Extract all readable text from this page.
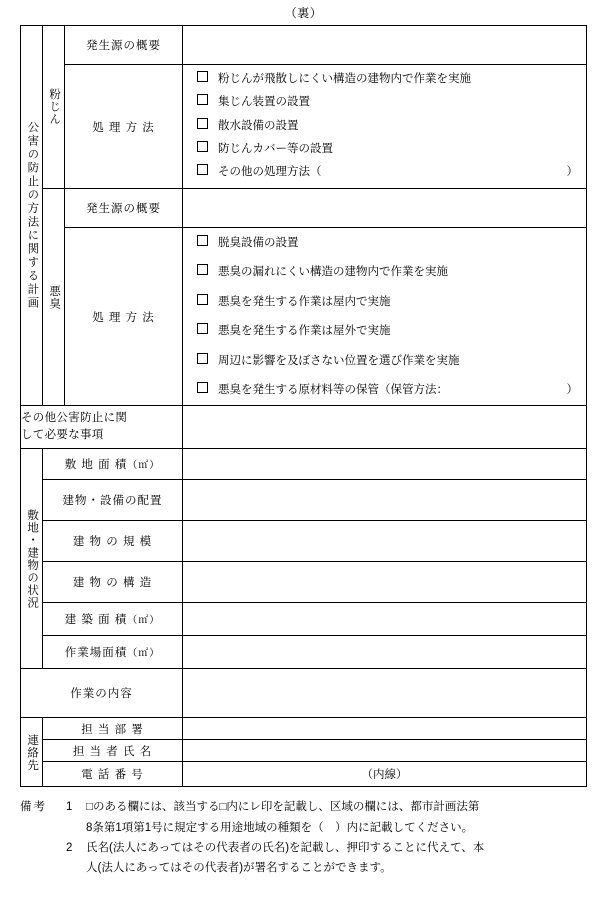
（裏）
公害の防止の方法に関する計画	粉じん	発生源の概要	
処 理 方 法	
粉じんが飛散しにくい構造の建物内で作業を実施
集じん装置の設置
散水設備の設置
防じんカバー等の設置
その他の処理方法（	）

	悪臭	発生源の概要	
処 理 方 法	
脱臭設備の設置
悪臭の漏れにくい構造の建物内で作業を実施
悪臭を発生する作業は屋内で実施
悪臭を発生する作業は屋外で実施
周辺に影響を及ぼさない位置を選び作業を実施
悪臭を発生する原材料等の保管（保管方法：	）
その他公害防止に関
して必要な事項

敷地・建物の状況	敷 地 面 積（㎡）	
	建物・設備の配置	
	建 物 の 規 模	
	建 物 の 構 造	
	建 築 面 積（㎡）	
	作業場面積（㎡）	
作業の内容	
連絡先	担 当 部 署	
	担 当 者 氏 名	
	電 話 番 号	（内線）
備考	1	□のある欄には、該当する□内にレ印を記載し、区域の欄には、都市計画法第
8条第1項第1号に規定する用途地域の種類を（　）内に記載してください。
2	氏名(法人にあってはその代表者の氏名)を記載し、押印することに代えて、本
人(法人にあってはその代表者)が署名することができます。
